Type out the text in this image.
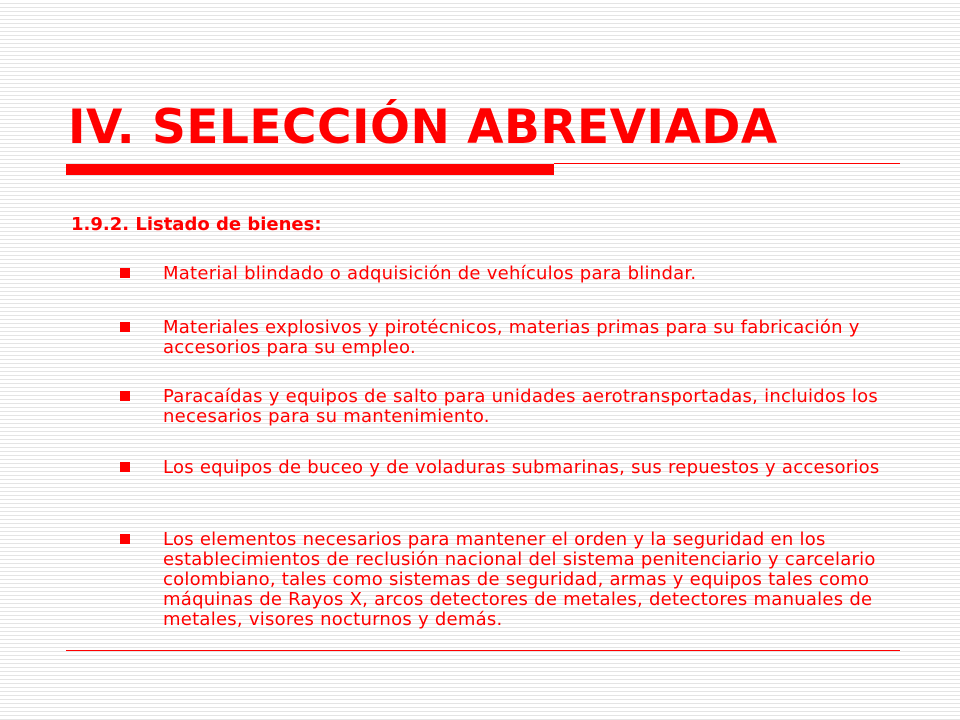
IV. SELECCIÓN ABREVIADA
1.9.2. Listado de bienes:
Material blindado o adquisición de vehículos para blindar.
Materiales explosivos y pirotécnicos, materias primas para su fabricación y accesorios para su empleo.
Paracaídas y equipos de salto para unidades aerotransportadas, incluidos los necesarios para su mantenimiento.
Los equipos de buceo y de voladuras submarinas, sus repuestos y accesorios
Los elementos necesarios para mantener el orden y la seguridad en los establecimientos de reclusión nacional del sistema penitenciario y carcelario colombiano, tales como sistemas de seguridad, armas y equipos tales como máquinas de Rayos X, arcos detectores de metales, detectores manuales de metales, visores nocturnos y demás.
